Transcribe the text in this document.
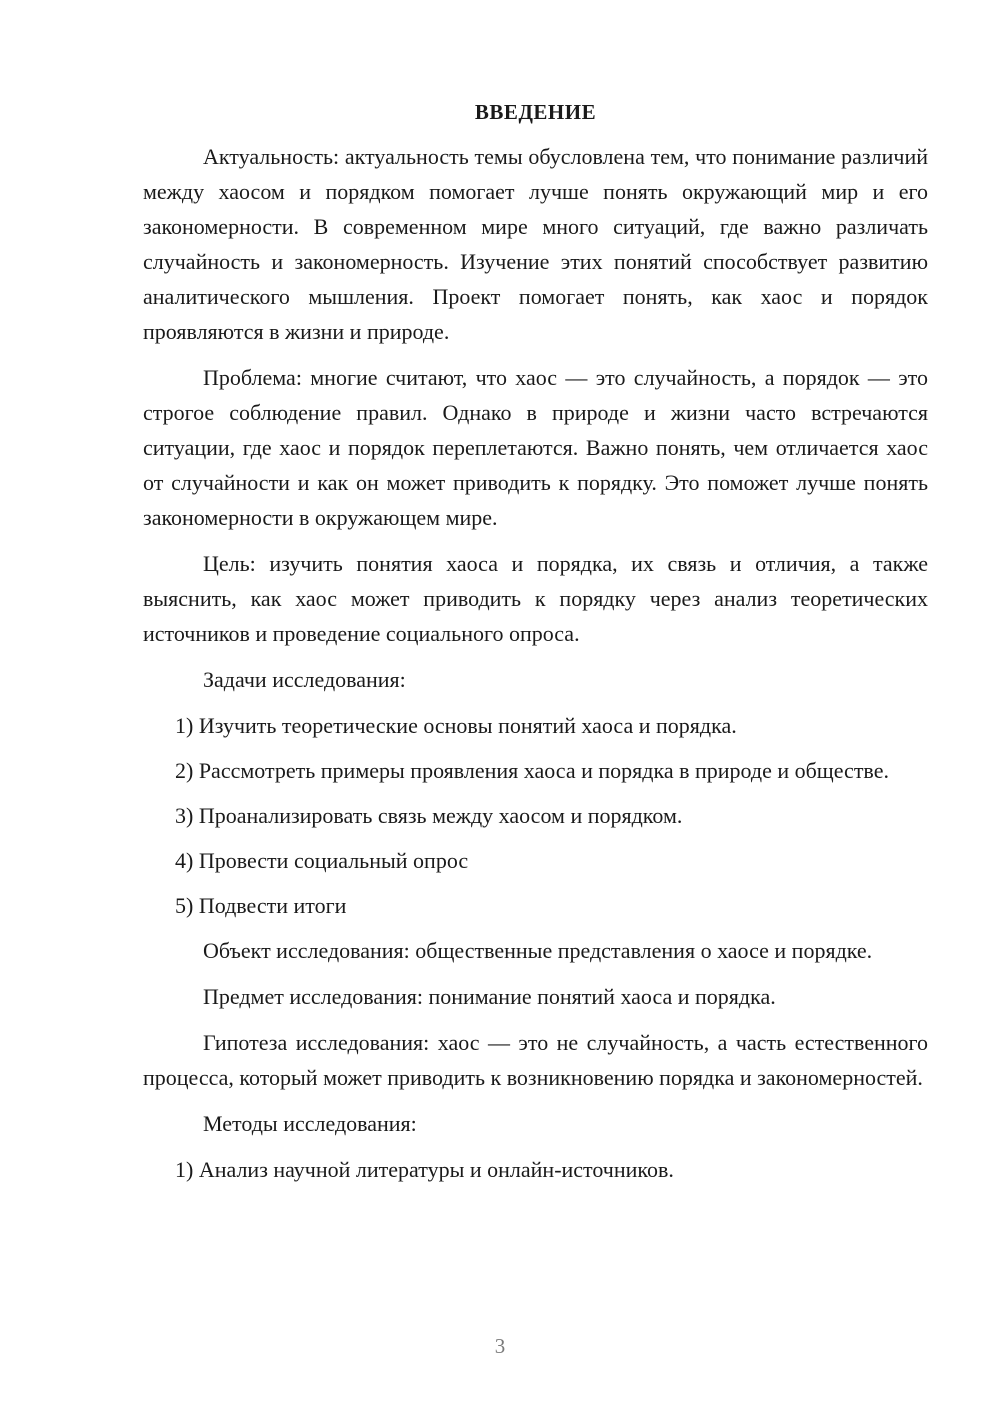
ВВЕДЕНИЕ

Актуальность: актуальность темы обусловлена тем, что понимание различий между хаосом и порядком помогает лучше понять окружающий мир и его закономерности. В современном мире много ситуаций, где важно различать случайность и закономерность. Изучение этих понятий способствует развитию аналитического мышления. Проект помогает понять, как хаос и порядок проявляются в жизни и природе.

Проблема: многие считают, что хаос — это случайность, а порядок — это строгое соблюдение правил. Однако в природе и жизни часто встречаются ситуации, где хаос и порядок переплетаются. Важно понять, чем отличается хаос от случайности и как он может приводить к порядку. Это поможет лучше понять закономерности в окружающем мире.

Цель: изучить понятия хаоса и порядка, их связь и отличия, а также выяснить, как хаос может приводить к порядку через анализ теоретических источников и проведение социального опроса.

Задачи исследования:

1) Изучить теоретические основы понятий хаоса и порядка.

2) Рассмотреть примеры проявления хаоса и порядка в природе и обществе.

3) Проанализировать связь между хаосом и порядком.

4) Провести социальный опрос

5) Подвести итоги

Объект исследования: общественные представления о хаосе и порядке.

Предмет исследования: понимание понятий хаоса и порядка.

Гипотеза исследования: хаос — это не случайность, а часть естественного процесса, который может приводить к возникновению порядка и закономерностей.

Методы исследования:

1) Анализ научной литературы и онлайн-источников.

3
